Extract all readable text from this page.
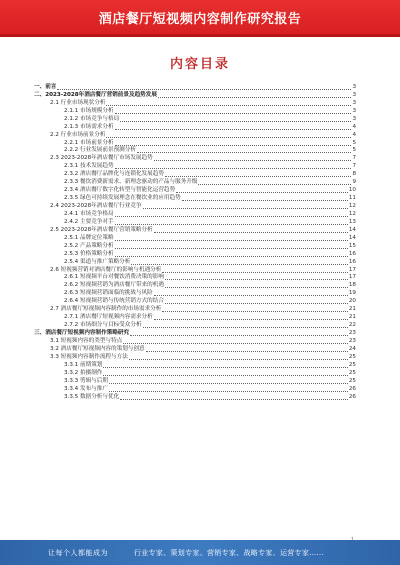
酒店餐厅短视频内容制作研究报告
内容目录
一、前言	3
二、2023-2028年酒店餐厅营销前景及趋势发展	3
2.1 行业市场现状分析	3
2.1.1 市场规模分析	3
2.1.2 市场竞争与格局	3
2.1.3 市场需求分析	4
2.2 行业市场前景分析	4
2.2.1 市场前景分析	5
2.2.2 行业发展前景预测分析	5
2.3 2023-2028年酒店餐厅市场发展趋势	7
2.3.1 技术发展趋势	7
2.3.2 酒店餐厅品牌化与连锁化发展趋势	8
2.3.3 餐饮消费新需求、新理念驱动的产品与服务升级	9
2.3.4 酒店餐厅数字化转型与智能化运营趋势	10
2.3.5 绿色可持续发展理念在餐饮业的应用趋势	11
2.4 2023-2028年酒店餐厅行业竞争	12
2.4.1 市场竞争格局	12
2.4.2 主要竞争对手	13
2.5 2023-2028年酒店餐厅营销策略分析	14
2.5.1 品牌定位策略	14
2.5.2 产品策略分析	15
2.5.3 价格策略分析	16
2.5.4 渠道与推广策略分析	16
2.6 短视频营销对酒店餐厅的影响与机遇分析	17
2.6.1 短视频平台对餐饮消费决策的影响	17
2.6.2 短视频营销为酒店餐厅带来的机遇	18
2.6.3 短视频营销面临的挑战与风险	19
2.6.4 短视频营销与传统营销方式的结合	20
2.7 酒店餐厅短视频内容制作的市场需求分析	21
2.7.1 酒店餐厅短视频内容需求分析	21
2.7.2 市场细分与目标受众分析	22
三、酒店餐厅短视频内容制作策略研究	23
3.1 短视频内容的类型与特点	23
3.2 酒店餐厅短视频内容的策划与创意	24
3.3 短视频内容制作流程与方法	25
3.3.1 前期策划	25
3.3.2 拍摄制作	25
3.3.3 剪辑与后期	25
3.3.4 发布与推广	26
3.3.5 数据分析与优化	26
让每个人都能成为	行业专家、策划专家、营销专家、战略专家、运营专家……
